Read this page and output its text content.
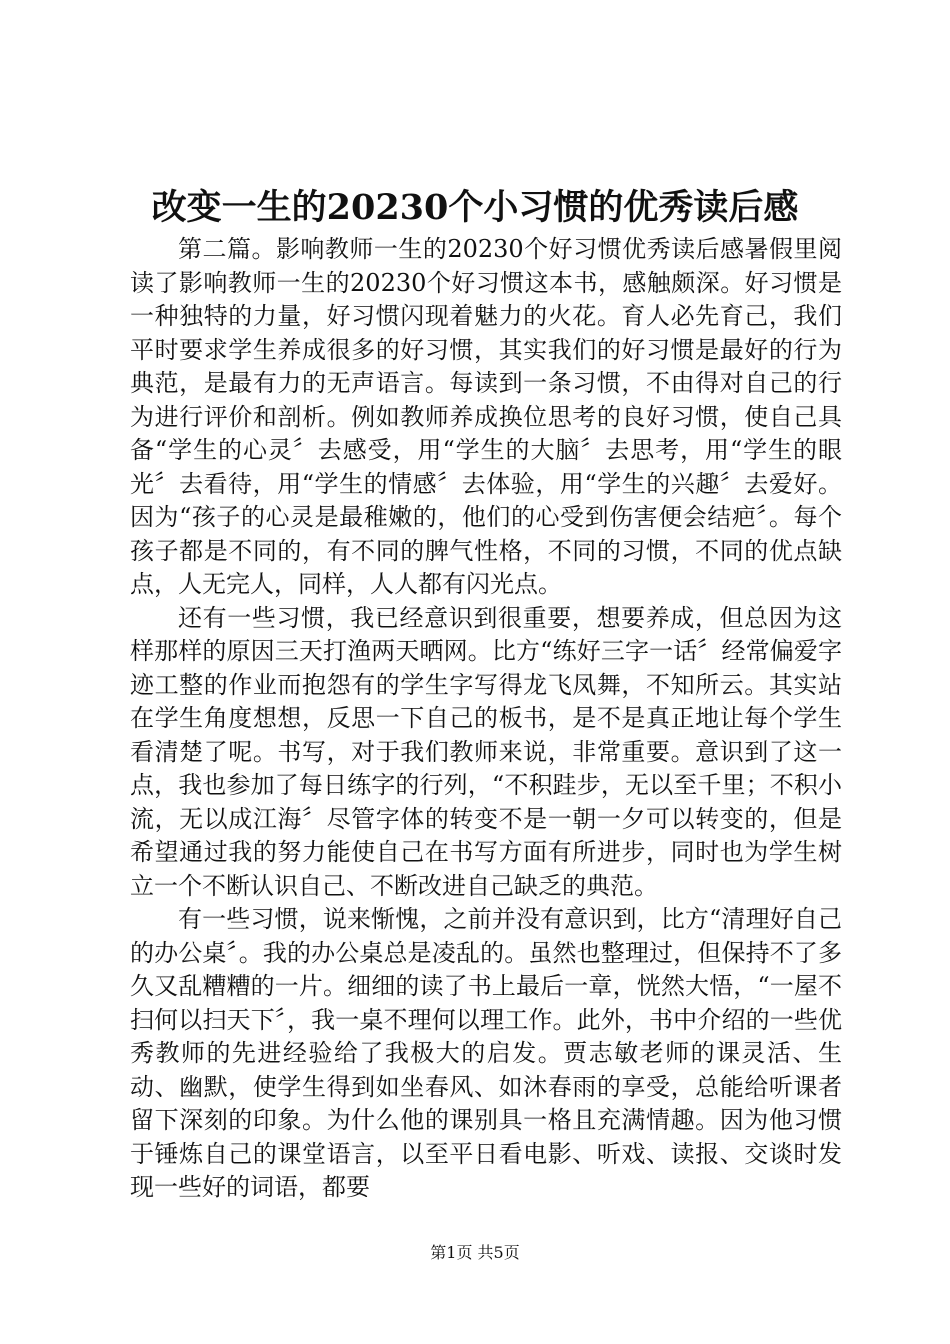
改变一生的20230个小习惯的优秀读后感

第二篇。影响教师一生的20230个好习惯优秀读后感暑假里阅读了影响教师一生的20230个好习惯这本书，感触颇深。好习惯是一种独特的力量，好习惯闪现着魅力的火花。育人必先育己，我们平时要求学生养成很多的好习惯，其实我们的好习惯是最好的行为典范，是最有力的无声语言。每读到一条习惯，不由得对自己的行为进行评价和剖析。例如教师养成换位思考的良好习惯，使自己具备“学生的心灵〞去感受，用“学生的大脑〞去思考，用“学生的眼光〞去看待，用“学生的情感〞去体验，用“学生的兴趣〞去爱好。因为“孩子的心灵是最稚嫩的，他们的心受到伤害便会结疤〞。每个孩子都是不同的，有不同的脾气性格，不同的习惯，不同的优点缺点，人无完人，同样，人人都有闪光点。

还有一些习惯，我已经意识到很重要，想要养成，但总因为这样那样的原因三天打渔两天晒网。比方“练好三字一话〞经常偏爱字迹工整的作业而抱怨有的学生字写得龙飞凤舞，不知所云。其实站在学生角度想想，反思一下自己的板书，是不是真正地让每个学生看清楚了呢。书写，对于我们教师来说，非常重要。意识到了这一点，我也参加了每日练字的行列，“不积跬步，无以至千里；不积小流，无以成江海〞尽管字体的转变不是一朝一夕可以转变的，但是希望通过我的努力能使自己在书写方面有所进步，同时也为学生树立一个不断认识自己、不断改进自己缺乏的典范。

有一些习惯，说来惭愧，之前并没有意识到，比方“清理好自己的办公桌〞。我的办公桌总是凌乱的。虽然也整理过，但保持不了多久又乱糟糟的一片。细细的读了书上最后一章，恍然大悟，“一屋不扫何以扫天下〞，我一桌不理何以理工作。此外，书中介绍的一些优秀教师的先进经验给了我极大的启发。贾志敏老师的课灵活、生动、幽默，使学生得到如坐春风、如沐春雨的享受，总能给听课者留下深刻的印象。为什么他的课别具一格且充满情趣。因为他习惯于锤炼自己的课堂语言，以至平日看电影、听戏、读报、交谈时发现一些好的词语，都要

第1页 共5页
